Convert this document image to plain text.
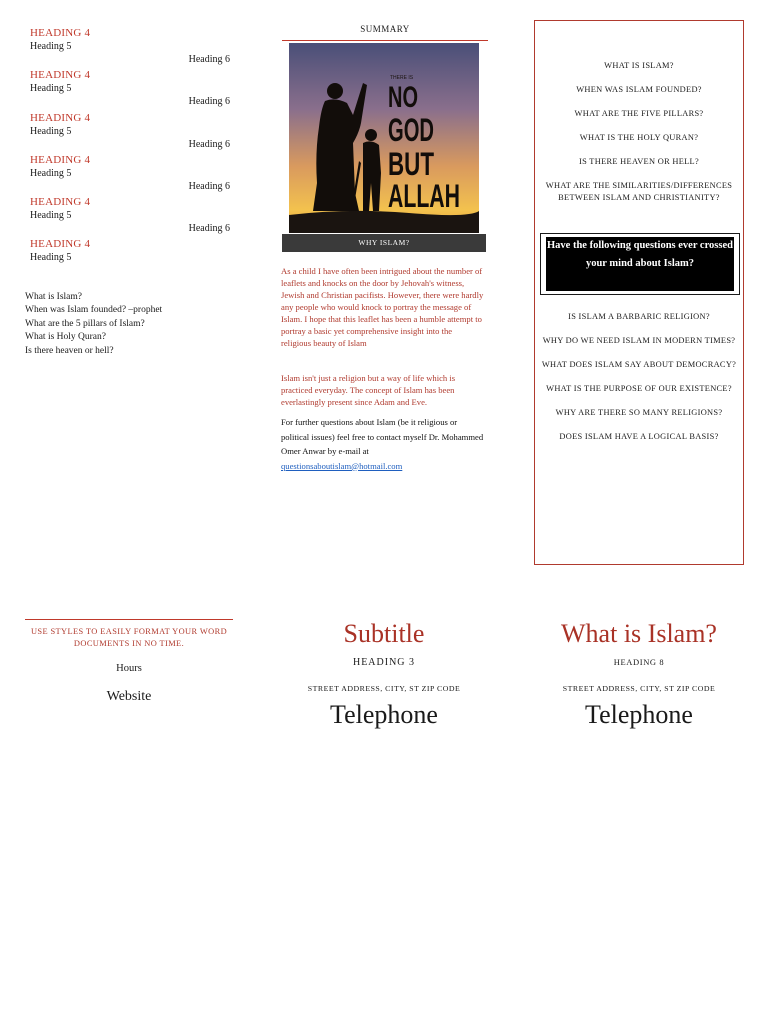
HEADING 4
Heading 5
Heading 6
HEADING 4
Heading 5
Heading 6
HEADING 4
Heading 5
Heading 6
HEADING 4
Heading 5
Heading 6
HEADING 4
Heading 5
Heading 6
HEADING 4
Heading 5
What is Islam?
When was Islam founded? –prophet
What are the 5 pillars of Islam?
What is Holy Quran?
Is there heaven or hell?
SUMMARY
THERE IS
NO
GOD
BUT
ALLAH
WHY ISLAM?
As a child I have often been intrigued about the number of leaflets and knocks on the door by Jehovah's witness, Jewish and Christian pacifists. However, there were hardly any people who would knock to portray the message of Islam. I hope that this leaflet has been a humble attempt to portray a basic yet comprehensive insight into the religious beauty of Islam
Islam isn't just a religion but a way of life which is practiced everyday. The concept of Islam has been everlastingly present since Adam and Eve.
For further questions about Islam (be it religious or political issues) feel free to contact myself Dr. Mohammed Omer Anwar by e-mail at
questionsaboutislam@hotmail.com
WHAT IS ISLAM?
WHEN WAS ISLAM FOUNDED?
WHAT ARE THE FIVE PILLARS?
WHAT IS THE HOLY QURAN?
IS THERE HEAVEN OR HELL?
WHAT ARE THE SIMILARITIES/DIFFERENCES BETWEEN ISLAM AND CHRISTIANITY?
Have the following questions ever crossed your mind about Islam?
IS ISLAM A BARBARIC RELIGION?
WHY DO WE NEED ISLAM IN MODERN TIMES?
WHAT DOES ISLAM SAY ABOUT DEMOCRACY?
WHAT IS THE PURPOSE OF OUR EXISTENCE?
WHY ARE THERE SO MANY RELIGIONS?
DOES ISLAM HAVE A LOGICAL BASIS?
USE STYLES TO EASILY FORMAT YOUR WORD DOCUMENTS IN NO TIME.
Hours
Website
Subtitle
HEADING 3
STREET ADDRESS, CITY, ST ZIP CODE
Telephone
What is Islam?
HEADING 8
STREET ADDRESS, CITY, ST ZIP CODE
Telephone
